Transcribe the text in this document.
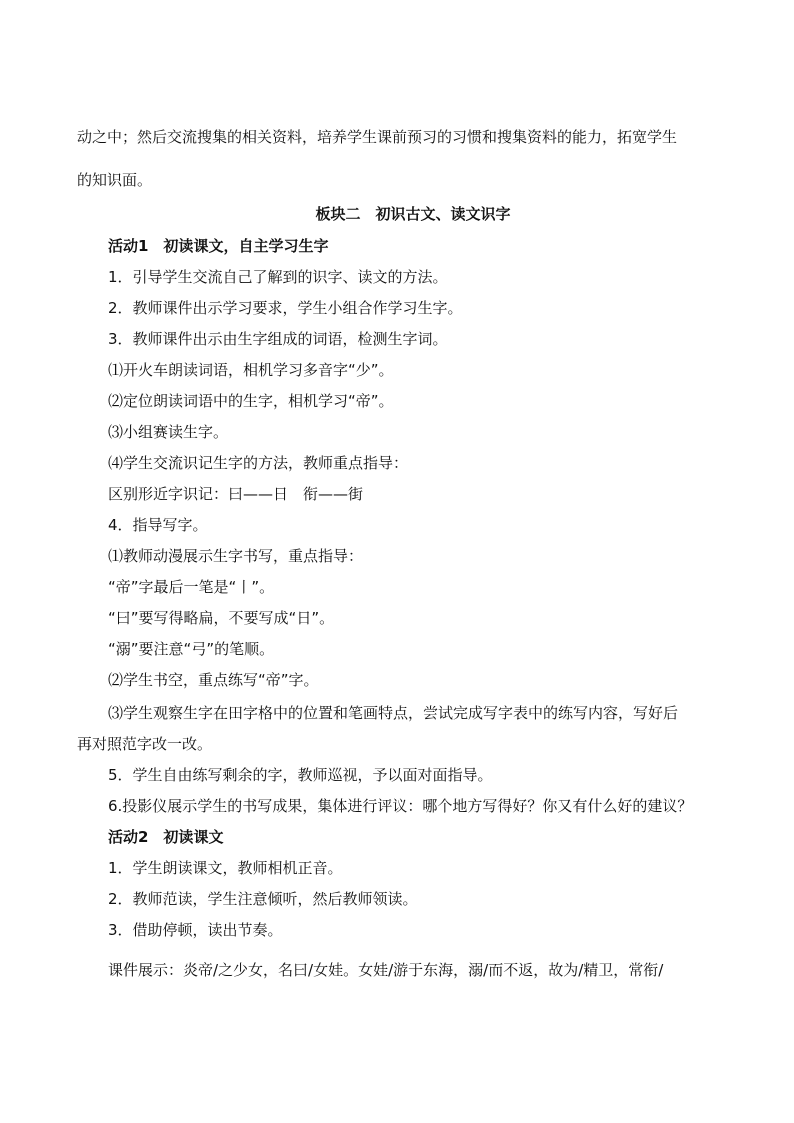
动之中；然后交流搜集的相关资料，培养学生课前预习的习惯和搜集资料的能力，拓宽学生
的知识面。
板块二　初识古文、读文识字
活动1　初读课文，自主学习生字
1．引导学生交流自己了解到的识字、读文的方法。
2．教师课件出示学习要求，学生小组合作学习生字。
3．教师课件出示由生字组成的词语，检测生字词。
⑴开火车朗读词语，相机学习多音字“少”。
⑵定位朗读词语中的生字，相机学习“帝”。
⑶小组赛读生字。
⑷学生交流识记生字的方法，教师重点指导：
区别形近字识记：曰——日　衔——街
4．指导写字。
⑴教师动漫展示生字书写，重点指导：
“帝”字最后一笔是“丨”。
“曰”要写得略扁，不要写成“日”。
“溺”要注意“弓”的笔顺。
⑵学生书空，重点练写“帝”字。
⑶学生观察生字在田字格中的位置和笔画特点，尝试完成写字表中的练写内容，写好后
再对照范字改一改。
5．学生自由练写剩余的字，教师巡视，予以面对面指导。
6.投影仪展示学生的书写成果，集体进行评议：哪个地方写得好？你又有什么好的建议？
活动2　初读课文
1．学生朗读课文，教师相机正音。
2．教师范读，学生注意倾听，然后教师领读。
3．借助停顿，读出节奏。
课件展示：炎帝/之少女，名曰/女娃。女娃/游于东海，溺/而不返，故为/精卫，常衔/
